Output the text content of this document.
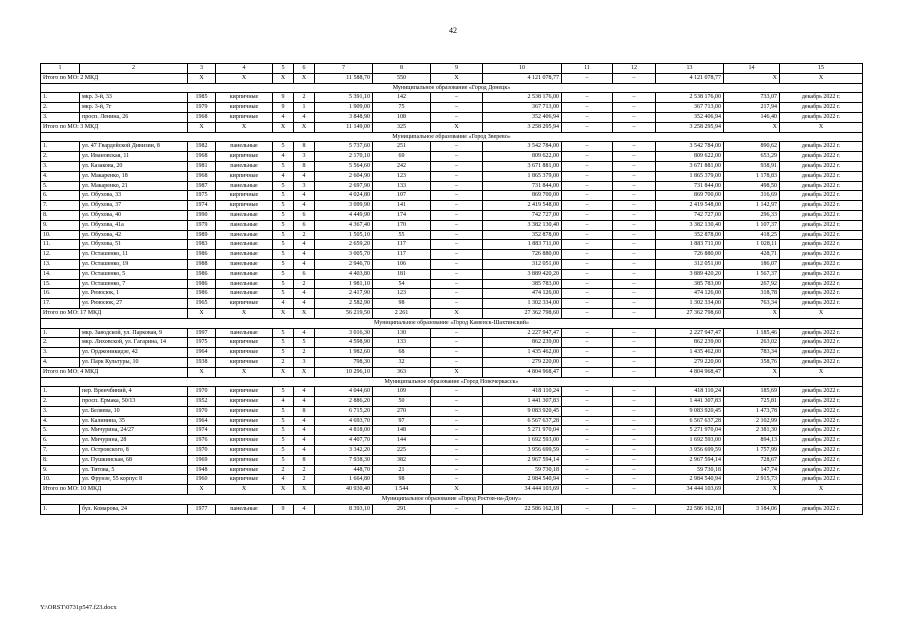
42
1	2	3	4	5	6	7	8	9	10	11	12	13	14	15
Итого по МО: 2 МКД		X	X	X	X	11 588,70	550	X	4 121 078,77	–	–	4 121 078,77	X	X
Муниципальное образование «Город Донецк»														
1.	мкр. 3-й, 33	1985	кирпичные	9	2	5 391,10	142	–	2 538 176,00	–	–	2 538 176,00	733,07	декабрь 2022 г.
2.	мкр. 3-й, 7г	1979	кирпичные	9	1	1 909,00	75	–	367 713,00	–	–	367 713,00	217,94	декабрь 2022 г.
3.	просп. Ленина, 26	1968	кирпичные	4	4	3 848,90	108	–	352 406,94	–	–	352 406,94	146,40	декабрь 2022 г.
Итого по МО: 3 МКД		X	X	X	X	11 149,00	325	X	3 258 295,94	–	–	3 258 295,94	X	X
Муниципальное образование «Город Зверево»														
1.	ул. 47 Гвардейской Дивизии, 8	1982	панельные	5	8	5 737,60	251	–	3 542 784,00	–	–	3 542 784,00	890,62	декабрь 2022 г.
2.	ул. Ивановская, 11	1968	кирпичные	4	3	2 170,10	69	–	809 622,00	–	–	809 622,00	653,29	декабрь 2022 г.
3.	ул. Казакова, 20	1981	панельные	5	8	5 564,60	242	–	3 671 881,00	–	–	3 671 881,00	938,91	декабрь 2022 г.
4.	ул. Макаренко, 18	1968	кирпичные	4	4	2 604,90	123	–	1 865 379,00	–	–	1 865 379,00	1 178,83	декабрь 2022 г.
5.	ул. Макаренко, 21	1987	панельные	5	3	2 697,90	133	–	731 844,00	–	–	731 844,00	498,50	декабрь 2022 г.
6.	ул. Обухова, 33	1975	кирпичные	5	4	4 024,80	107	–	869 700,00	–	–	869 700,00	316,69	декабрь 2022 г.
7.	ул. Обухова, 37	1974	кирпичные	5	4	3 099,90	141	–	2 419 548,00	–	–	2 419 548,00	1 142,97	декабрь 2022 г.
8.	ул. Обухова, 40	1990	панельные	5	6	4 449,90	174	–	742 727,00	–	–	742 727,00	296,33	декабрь 2022 г.
9.	ул. Обухова, 41а	1979	панельные	5	6	4 367,40	170	–	3 382 130,40	–	–	3 382 130,40	1 107,37	декабрь 2022 г.
10.	ул. Обухова, 42	1989	панельные	5	2	1 505,10	55	–	352 878,00	–	–	352 878,00	418,25	декабрь 2022 г.
11.	ул. Обухова, 51	1983	панельные	5	4	2 659,20	117	–	1 883 711,00	–	–	1 883 711,00	1 028,11	декабрь 2022 г.
12.	ул. Осташенко, 11	1986	панельные	5	4	3 005,70	117	–	726 880,00	–	–	726 880,00	428,71	декабрь 2022 г.
13.	ул. Осташенко, 19	1988	панельные	5	4	2 946,70	106	–	312 051,00	–	–	312 051,00	186,07	декабрь 2022 г.
14.	ул. Осташенко, 5	1986	панельные	5	6	4 403,80	181	–	3 889 420,20	–	–	3 889 420,20	1 567,37	декабрь 2022 г.
15.	ул. Осташенко, 7	1986	панельные	5	2	1 981,10	54	–	385 783,00	–	–	385 783,00	267,92	декабрь 2022 г.
16.	ул. Рююсюк, 1	1986	панельные	5	4	2 417,90	123	–	474 126,00	–	–	474 126,00	318,78	декабрь 2022 г.
17.	ул. Рююсюк, 27	1965	кирпичные	4	4	2 582,90	98	–	1 302 334,00	–	–	1 302 334,00	763,34	декабрь 2022 г.
Итого по МО: 17 МКД		X	X	X	X	56 219,50	2 261	X	27 362 798,60	–	–	27 362 798,60	X	X
Муниципальное образование «Город Каменск-Шахтинский»														
1.	мкр. Заводской, ул. Парковая, 9	1997	панельные	5	4	3 016,30	130	–	2 227 947,47	–	–	2 227 947,47	1 185,46	декабрь 2022 г.
2.	мкр. Лиховской, ул. Гагарина, 14	1975	кирпичные	5	5	4 598,90	133	–	862 239,00	–	–	862 239,00	263,02	декабрь 2022 г.
3.	ул. Орджоникидзе, 42	1964	кирпичные	5	2	1 982,60	68	–	1 435 462,00	–	–	1 435 462,00	783,34	декабрь 2022 г.
4.	ул. Парк Культуры, 10	1938	кирпичные	2	3	798,30	32	–	279 220,00	–	–	279 220,00	358,76	декабрь 2022 г.
Итого по МО: 4 МКД		X	X	X	X	10 296,10	363	X	4 804 968,47	–	–	4 804 968,47	X	X
Муниципальное образование «Город Новочеркасск»														
1.	пер. Вренчбиний, 4	1970	кирпичные	5	4	4 044,60	109	–	418 110,24	–	–	418 110,24	185,69	декабрь 2022 г.
2.	просп. Ермака, 50/13	1952	кирпичные	4	4	2 886,20	50	–	1 441 307,83	–	–	1 441 307,83	725,81	декабрь 2022 г.
3.	ул. Беляева, 10	1970	кирпичные	5	8	6 715,20	270	–	9 083 920,45	–	–	9 083 920,45	1 473,78	декабрь 2022 г.
4.	ул. Калинина, 35	1964	кирпичные	5	4	4 693,70	97	–	6 567 637,28	–	–	6 567 637,28	2 102,99	декабрь 2022 г.
5.	ул. Мичурина, 24/27	1974	кирпичные	5	4	4 818,00	148	–	5 271 970,04	–	–	5 271 970,04	2 381,30	декабрь 2022 г.
6.	ул. Мичурина, 28	1976	кирпичные	5	4	4 407,70	144	–	1 692 593,00	–	–	1 692 593,00	894,13	декабрь 2022 г.
7.	ул. Островского, 8	1970	кирпичные	5	4	3 342,20	225	–	3 956 699,59	–	–	3 956 699,59	1 757,99	декабрь 2022 г.
8.	ул. Пушкинская, 68	1969	кирпичные	5	8	7 938,30	382	–	2 967 594,14	–	–	2 967 594,14	728,67	декабрь 2022 г.
9.	ул. Титова, 5	1948	кирпичные	2	2	448,70	21	–	59 730,18	–	–	59 730,18	147,74	декабрь 2022 г.
10.	ул. Фрунзе, 55 корпус 8	1960	кирпичные	4	2	1 664,80	98	–	2 984 540,94	–	–	2 984 540,94	2 915,73	декабрь 2022 г.
Итого по МО: 10 МКД		X	X	X	X	40 930,40	1 544	X	34 444 103,69	–	–	34 444 103,69	X	X
Муниципальное образование «Город Ростов-на-Дону»														
1.	бул. Комарова, 24	1977	панельные	9	4	8 393,10	291	–	22 586 162,18	–	–	22 586 162,18	3 184,06	декабрь 2022 г.
Y:\ORST\0731p547.f23.docx
